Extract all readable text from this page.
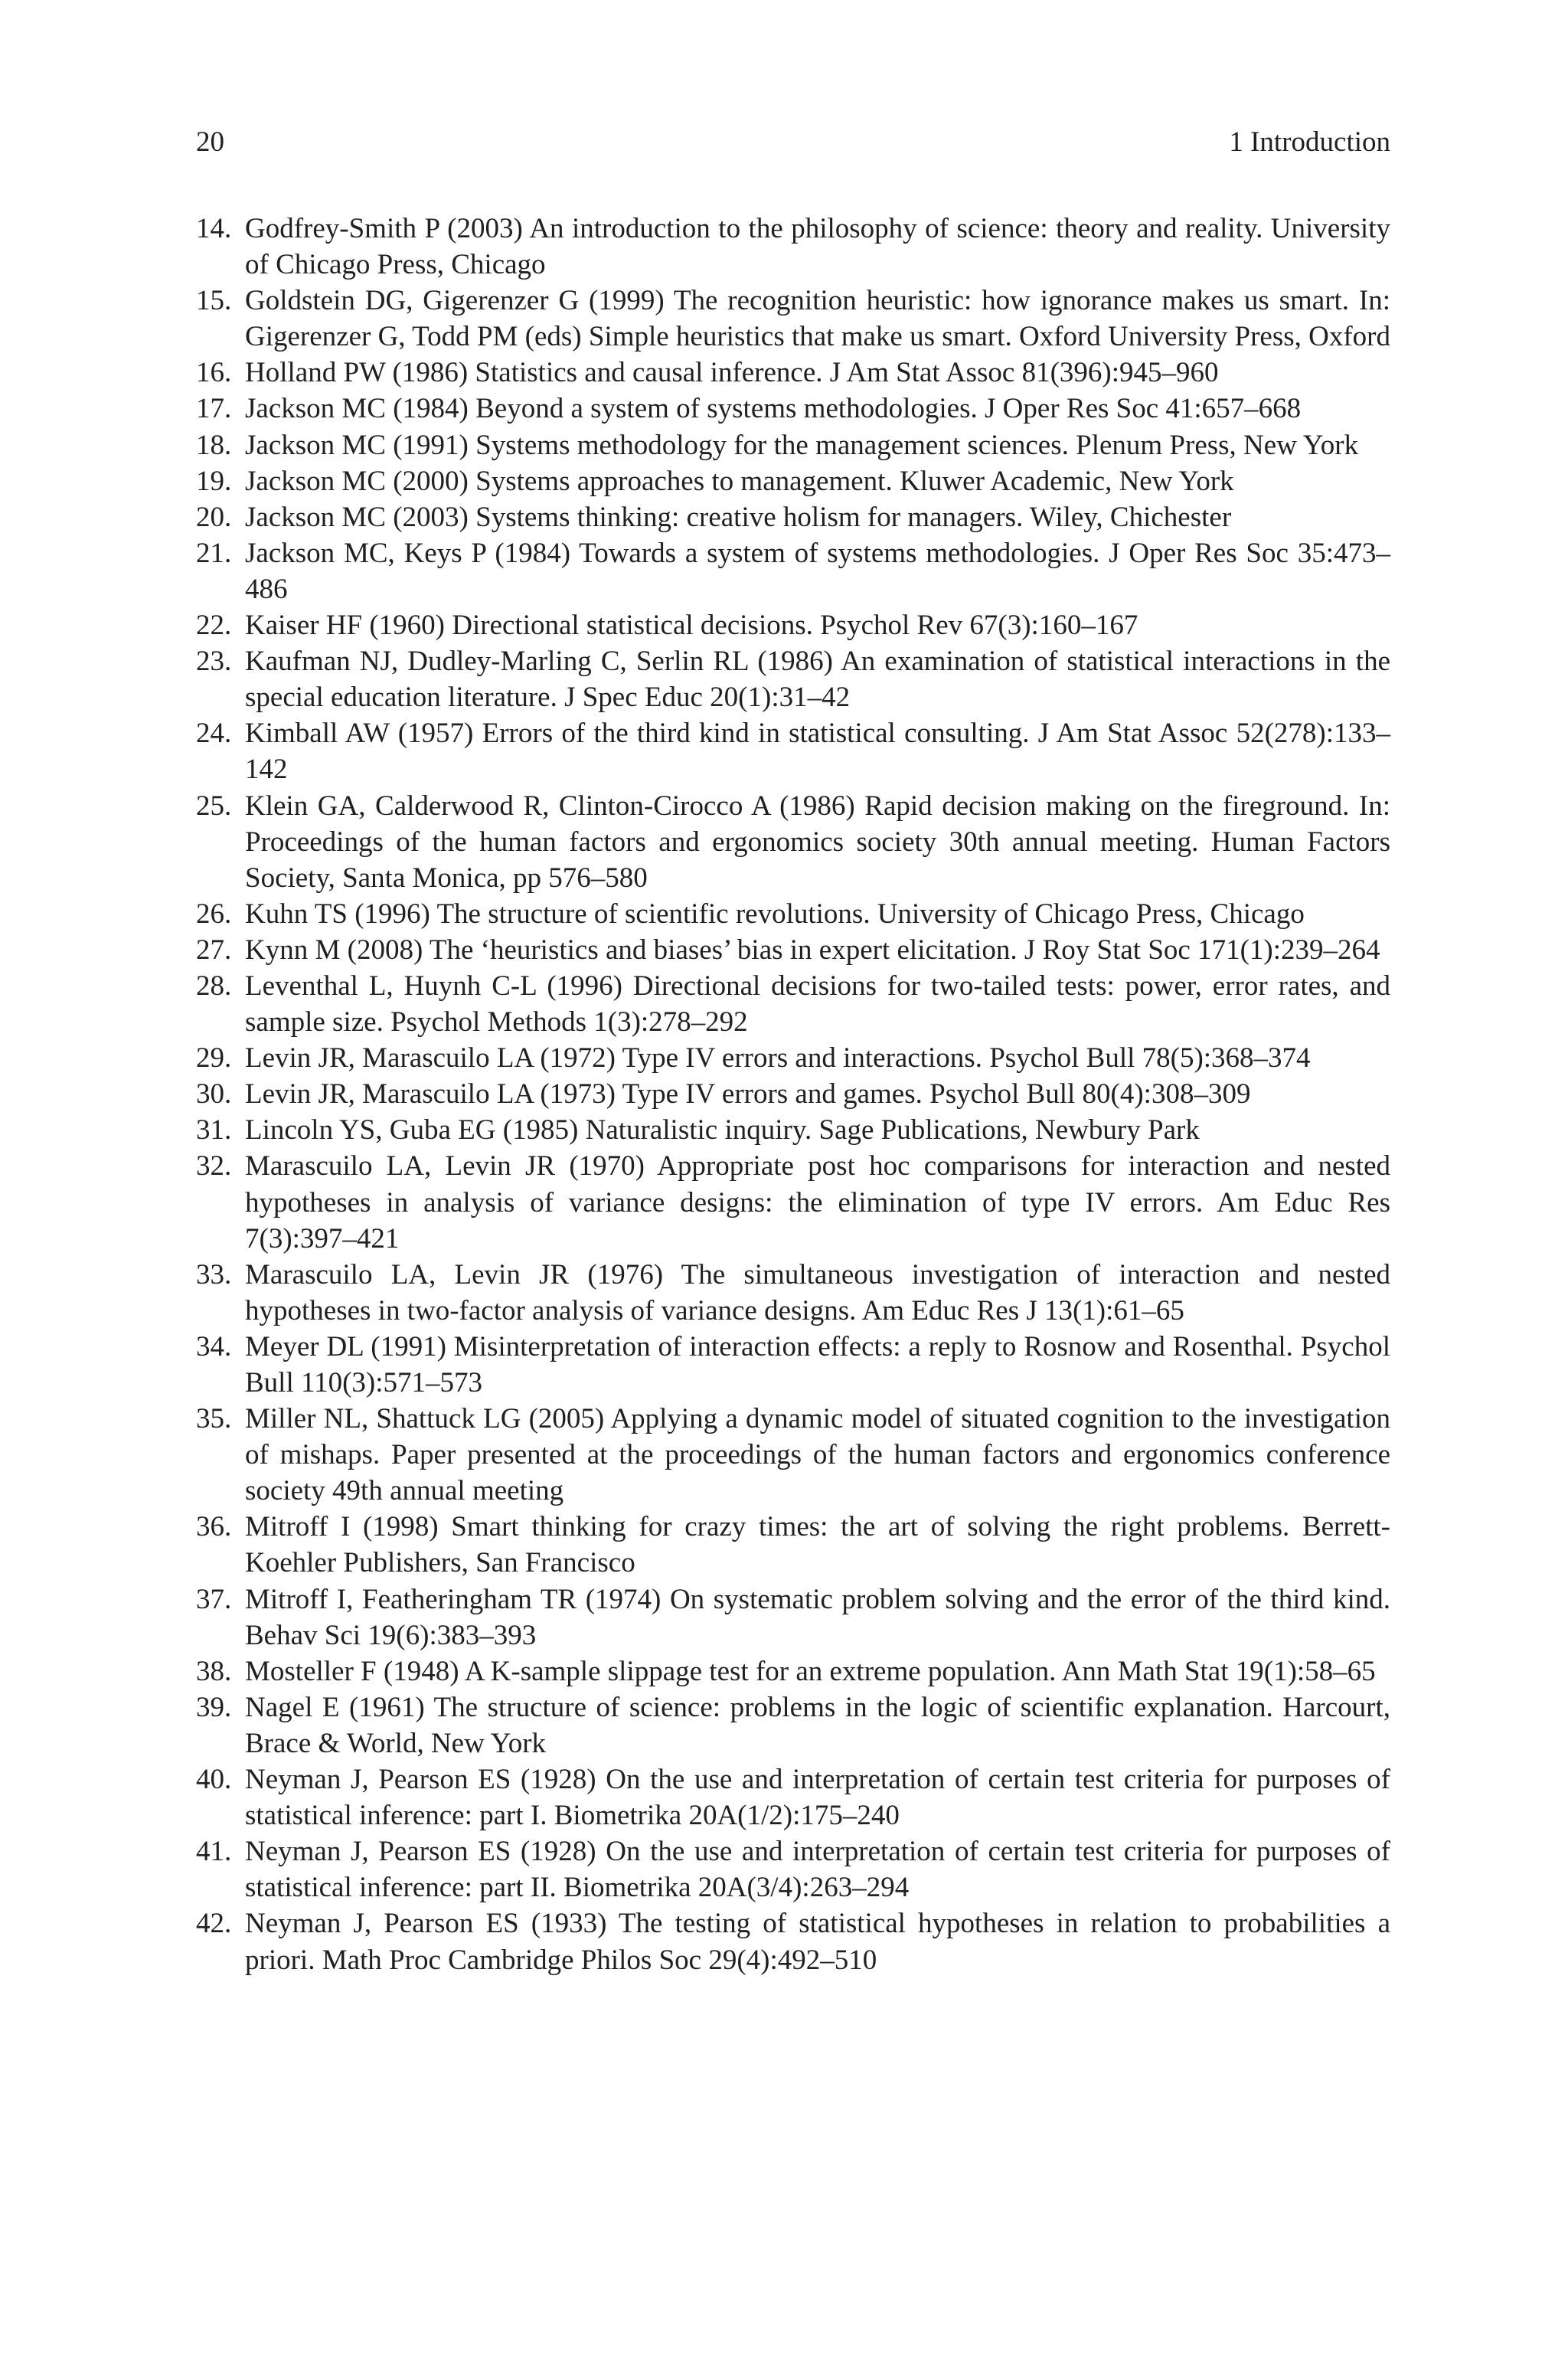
20	1 Introduction
14. Godfrey-Smith P (2003) An introduction to the philosophy of science: theory and reality. University of Chicago Press, Chicago
15. Goldstein DG, Gigerenzer G (1999) The recognition heuristic: how ignorance makes us smart. In: Gigerenzer G, Todd PM (eds) Simple heuristics that make us smart. Oxford University Press, Oxford
16. Holland PW (1986) Statistics and causal inference. J Am Stat Assoc 81(396):945–960
17. Jackson MC (1984) Beyond a system of systems methodologies. J Oper Res Soc 41:657–668
18. Jackson MC (1991) Systems methodology for the management sciences. Plenum Press, New York
19. Jackson MC (2000) Systems approaches to management. Kluwer Academic, New York
20. Jackson MC (2003) Systems thinking: creative holism for managers. Wiley, Chichester
21. Jackson MC, Keys P (1984) Towards a system of systems methodologies. J Oper Res Soc 35:473–486
22. Kaiser HF (1960) Directional statistical decisions. Psychol Rev 67(3):160–167
23. Kaufman NJ, Dudley-Marling C, Serlin RL (1986) An examination of statistical interactions in the special education literature. J Spec Educ 20(1):31–42
24. Kimball AW (1957) Errors of the third kind in statistical consulting. J Am Stat Assoc 52(278):133–142
25. Klein GA, Calderwood R, Clinton-Cirocco A (1986) Rapid decision making on the fireground. In: Proceedings of the human factors and ergonomics society 30th annual meeting. Human Factors Society, Santa Monica, pp 576–580
26. Kuhn TS (1996) The structure of scientific revolutions. University of Chicago Press, Chicago
27. Kynn M (2008) The ‘heuristics and biases’ bias in expert elicitation. J Roy Stat Soc 171(1):239–264
28. Leventhal L, Huynh C-L (1996) Directional decisions for two-tailed tests: power, error rates, and sample size. Psychol Methods 1(3):278–292
29. Levin JR, Marascuilo LA (1972) Type IV errors and interactions. Psychol Bull 78(5):368–374
30. Levin JR, Marascuilo LA (1973) Type IV errors and games. Psychol Bull 80(4):308–309
31. Lincoln YS, Guba EG (1985) Naturalistic inquiry. Sage Publications, Newbury Park
32. Marascuilo LA, Levin JR (1970) Appropriate post hoc comparisons for interaction and nested hypotheses in analysis of variance designs: the elimination of type IV errors. Am Educ Res 7(3):397–421
33. Marascuilo LA, Levin JR (1976) The simultaneous investigation of interaction and nested hypotheses in two-factor analysis of variance designs. Am Educ Res J 13(1):61–65
34. Meyer DL (1991) Misinterpretation of interaction effects: a reply to Rosnow and Rosenthal. Psychol Bull 110(3):571–573
35. Miller NL, Shattuck LG (2005) Applying a dynamic model of situated cognition to the investigation of mishaps. Paper presented at the proceedings of the human factors and ergonomics conference society 49th annual meeting
36. Mitroff I (1998) Smart thinking for crazy times: the art of solving the right problems. Berrett-Koehler Publishers, San Francisco
37. Mitroff I, Featheringham TR (1974) On systematic problem solving and the error of the third kind. Behav Sci 19(6):383–393
38. Mosteller F (1948) A K-sample slippage test for an extreme population. Ann Math Stat 19(1):58–65
39. Nagel E (1961) The structure of science: problems in the logic of scientific explanation. Harcourt, Brace & World, New York
40. Neyman J, Pearson ES (1928) On the use and interpretation of certain test criteria for purposes of statistical inference: part I. Biometrika 20A(1/2):175–240
41. Neyman J, Pearson ES (1928) On the use and interpretation of certain test criteria for purposes of statistical inference: part II. Biometrika 20A(3/4):263–294
42. Neyman J, Pearson ES (1933) The testing of statistical hypotheses in relation to probabilities a priori. Math Proc Cambridge Philos Soc 29(4):492–510
